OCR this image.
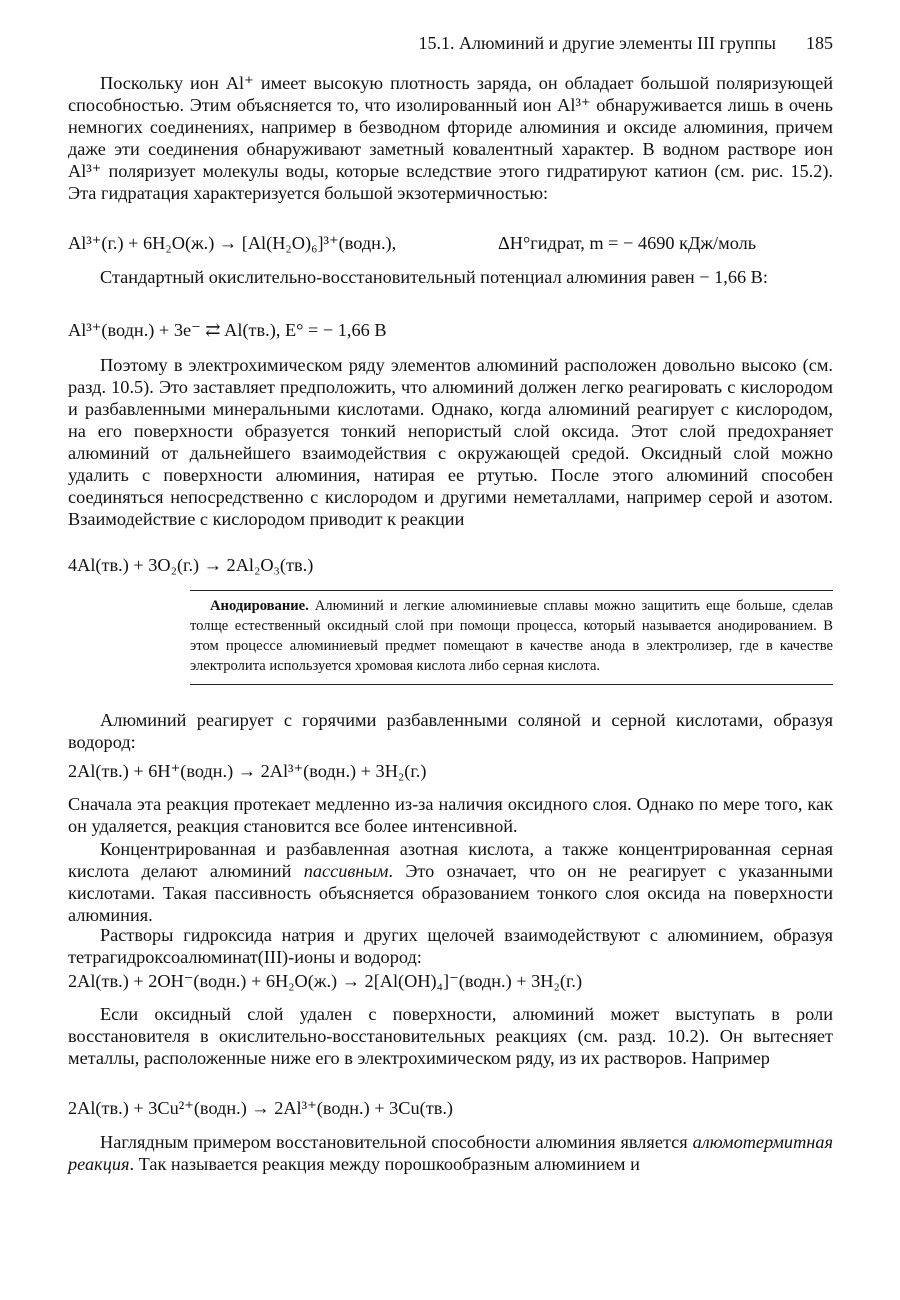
15.1. Алюминий и другие элементы III группы 185

Поскольку ион Al⁺ имеет высокую плотность заряда, он обладает большой поляризующей способностью. Этим объясняется то, что изолированный ион Al³⁺ обнаруживается лишь в очень немногих соединениях, например в безводном фториде алюминия и оксиде алюминия, причем даже эти соединения обнаруживают заметный ковалентный характер. В водном растворе ион Al³⁺ поляризует молекулы воды, которые вследствие этого гидратируют катион (см. рис. 15.2). Эта гидратация характеризуется большой экзотермичностью:

Al³⁺(г.) + 6H₂O(ж.) → [Al(H₂O)₆]³⁺(водн.),	ΔH°гидрат, m = − 4690 кДж/моль

Стандартный окислительно-восстановительный потенциал алюминия равен − 1,66 В:

Al³⁺(водн.) + 3e⁻ ⇄ Al(тв.), E° = − 1,66 В

Поэтому в электрохимическом ряду элементов алюминий расположен довольно высоко (см. разд. 10.5). Это заставляет предположить, что алюминий должен легко реагировать с кислородом и разбавленными минеральными кислотами. Однако, когда алюминий реагирует с кислородом, на его поверхности образуется тонкий непористый слой оксида. Этот слой предохраняет алюминий от дальнейшего взаимодействия с окружающей средой. Оксидный слой можно удалить с поверхности алюминия, натирая ее ртутью. После этого алюминий способен соединяться непосредственно с кислородом и другими неметаллами, например серой и азотом. Взаимодействие с кислородом приводит к реакции

4Al(тв.) + 3O₂(г.) → 2Al₂O₃(тв.)

Анодирование. Алюминий и легкие алюминиевые сплавы можно защитить еще больше, сделав толще естественный оксидный слой при помощи процесса, который называется анодированием. В этом процессе алюминиевый предмет помещают в качестве анода в электролизер, где в качестве электролита используется хромовая кислота либо серная кислота.

Алюминий реагирует с горячими разбавленными соляной и серной кислотами, образуя водород:

2Al(тв.) + 6H⁺(водн.) → 2Al³⁺(водн.) + 3H₂(г.)

Сначала эта реакция протекает медленно из-за наличия оксидного слоя. Однако по мере того, как он удаляется, реакция становится все более интенсивной.

Концентрированная и разбавленная азотная кислота, а также концентрированная серная кислота делают алюминий пассивным. Это означает, что он не реагирует с указанными кислотами. Такая пассивность объясняется образованием тонкого слоя оксида на поверхности алюминия.

Растворы гидроксида натрия и других щелочей взаимодействуют с алюминием, образуя тетрагидроксоалюминат(III)-ионы и водород:

2Al(тв.) + 2OH⁻(водн.) + 6H₂O(ж.) → 2[Al(OH)₄]⁻(водн.) + 3H₂(г.)

Если оксидный слой удален с поверхности, алюминий может выступать в роли восстановителя в окислительно-восстановительных реакциях (см. разд. 10.2). Он вытесняет металлы, расположенные ниже его в электрохимическом ряду, из их растворов. Например

2Al(тв.) + 3Cu²⁺(водн.) → 2Al³⁺(водн.) + 3Cu(тв.)

Наглядным примером восстановительной способности алюминия является алюмотермитная реакция. Так называется реакция между порошкообразным алюминием и
